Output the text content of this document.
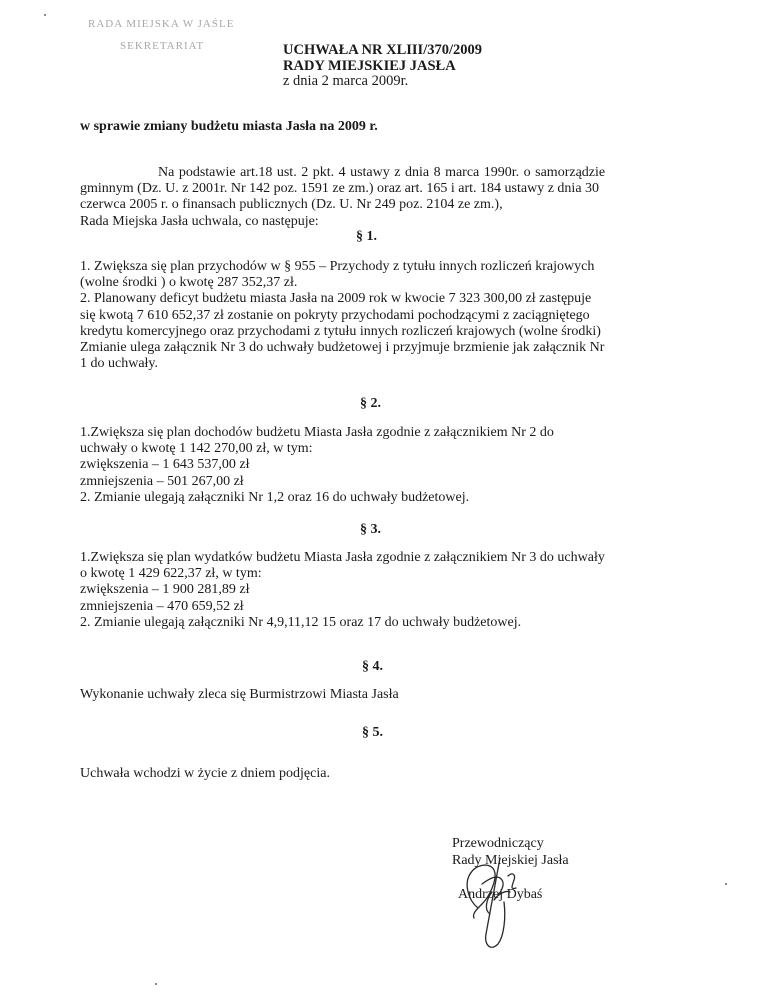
RADA MIEJSKA W JAŚLE
SEKRETARIAT	UCHWAŁA NR XLIII/370/2009
RADY MIEJSKIEJ JASŁA
z dnia 2 marca 2009r.
w sprawie zmiany budżetu miasta Jasła na 2009 r.
Na podstawie art.18 ust. 2 pkt. 4 ustawy z dnia 8 marca 1990r. o samorządzie
gminnym (Dz. U. z 2001r. Nr 142 poz. 1591 ze zm.) oraz art. 165 i art. 184 ustawy z dnia 30
czerwca 2005 r. o finansach publicznych (Dz. U. Nr 249 poz. 2104 ze zm.),
Rada Miejska Jasła uchwala, co następuje:
§ 1.
1. Zwiększa się plan przychodów w § 955 – Przychody z tytułu innych rozliczeń krajowych
(wolne środki ) o kwotę 287 352,37 zł.
2. Planowany deficyt budżetu miasta Jasła na 2009 rok w kwocie 7 323 300,00 zł zastępuje
się kwotą 7 610 652,37 zł zostanie on pokryty przychodami pochodzącymi z zaciągniętego
kredytu komercyjnego oraz przychodami z tytułu innych rozliczeń krajowych (wolne środki)
Zmianie ulega załącznik Nr 3 do uchwały budżetowej i przyjmuje brzmienie jak załącznik Nr
1 do uchwały.
§ 2.
1.Zwiększa się plan dochodów budżetu Miasta Jasła zgodnie z załącznikiem Nr 2 do
uchwały o kwotę 1 142 270,00 zł, w tym:
zwiększenia – 1 643 537,00 zł
zmniejszenia – 501 267,00 zł
2. Zmianie ulegają załączniki Nr 1,2 oraz 16 do uchwały budżetowej.
§ 3.
1.Zwiększa się plan wydatków budżetu Miasta Jasła zgodnie z załącznikiem Nr 3 do uchwały
o kwotę 1 429 622,37 zł, w tym:
zwiększenia – 1 900 281,89 zł
zmniejszenia – 470 659,52 zł
2. Zmianie ulegają załączniki Nr 4,9,11,12 15 oraz 17 do uchwały budżetowej.
§ 4.
Wykonanie uchwały zleca się Burmistrzowi Miasta Jasła
§ 5.
Uchwała wchodzi w życie z dniem podjęcia.
Przewodniczący
Rady Miejskiej Jasła
Andrzej Dybaś
